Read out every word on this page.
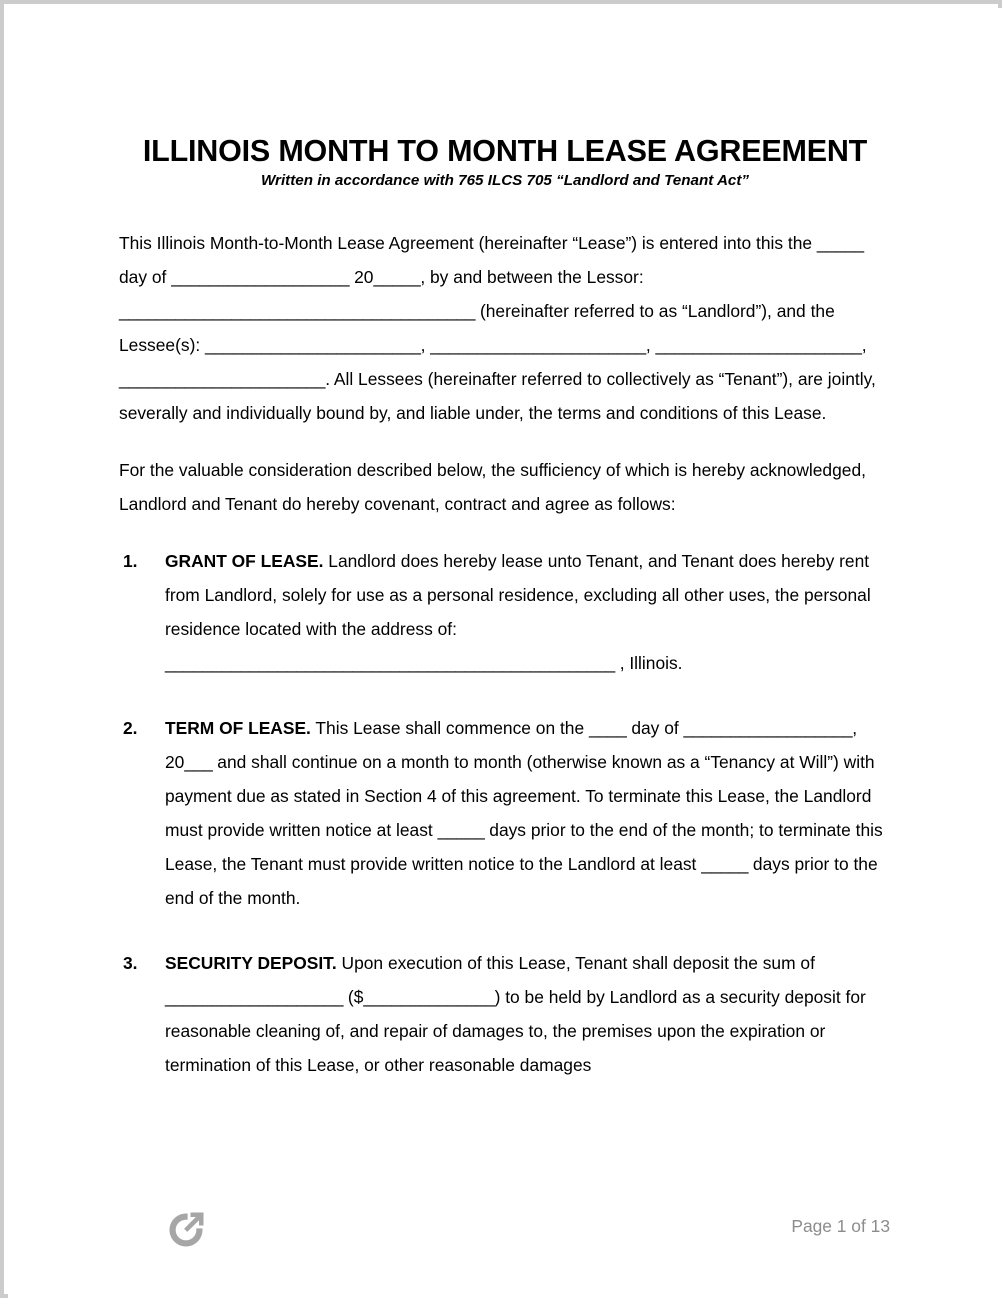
ILLINOIS MONTH TO MONTH LEASE AGREEMENT
Written in accordance with 765 ILCS 705 “Landlord and Tenant Act”

This Illinois Month-to-Month Lease Agreement (hereinafter “Lease”) is entered into this the _____ day of ___________________ 20_____, by and between the Lessor: ______________________________________ (hereinafter referred to as “Landlord”), and the Lessee(s): _______________________, _______________________, ______________________, ______________________. All Lessees (hereinafter referred to collectively as “Tenant”), are jointly, severally and individually bound by, and liable under, the terms and conditions of this Lease.

For the valuable consideration described below, the sufficiency of which is hereby acknowledged, Landlord and Tenant do hereby covenant, contract and agree as follows:

1. GRANT OF LEASE. Landlord does hereby lease unto Tenant, and Tenant does hereby rent from Landlord, solely for use as a personal residence, excluding all other uses, the personal residence located with the address of: ________________________________________________ , Illinois.
2. TERM OF LEASE. This Lease shall commence on the ____ day of __________________, 20___ and shall continue on a month to month (otherwise known as a “Tenancy at Will”) with payment due as stated in Section 4 of this agreement. To terminate this Lease, the Landlord must provide written notice at least _____ days prior to the end of the month; to terminate this Lease, the Tenant must provide written notice to the Landlord at least _____ days prior to the end of the month.
3. SECURITY DEPOSIT. Upon execution of this Lease, Tenant shall deposit the sum of ___________________ ($______________) to be held by Landlord as a security deposit for reasonable cleaning of, and repair of damages to, the premises upon the expiration or termination of this Lease, or other reasonable damages
Page 1 of 13
